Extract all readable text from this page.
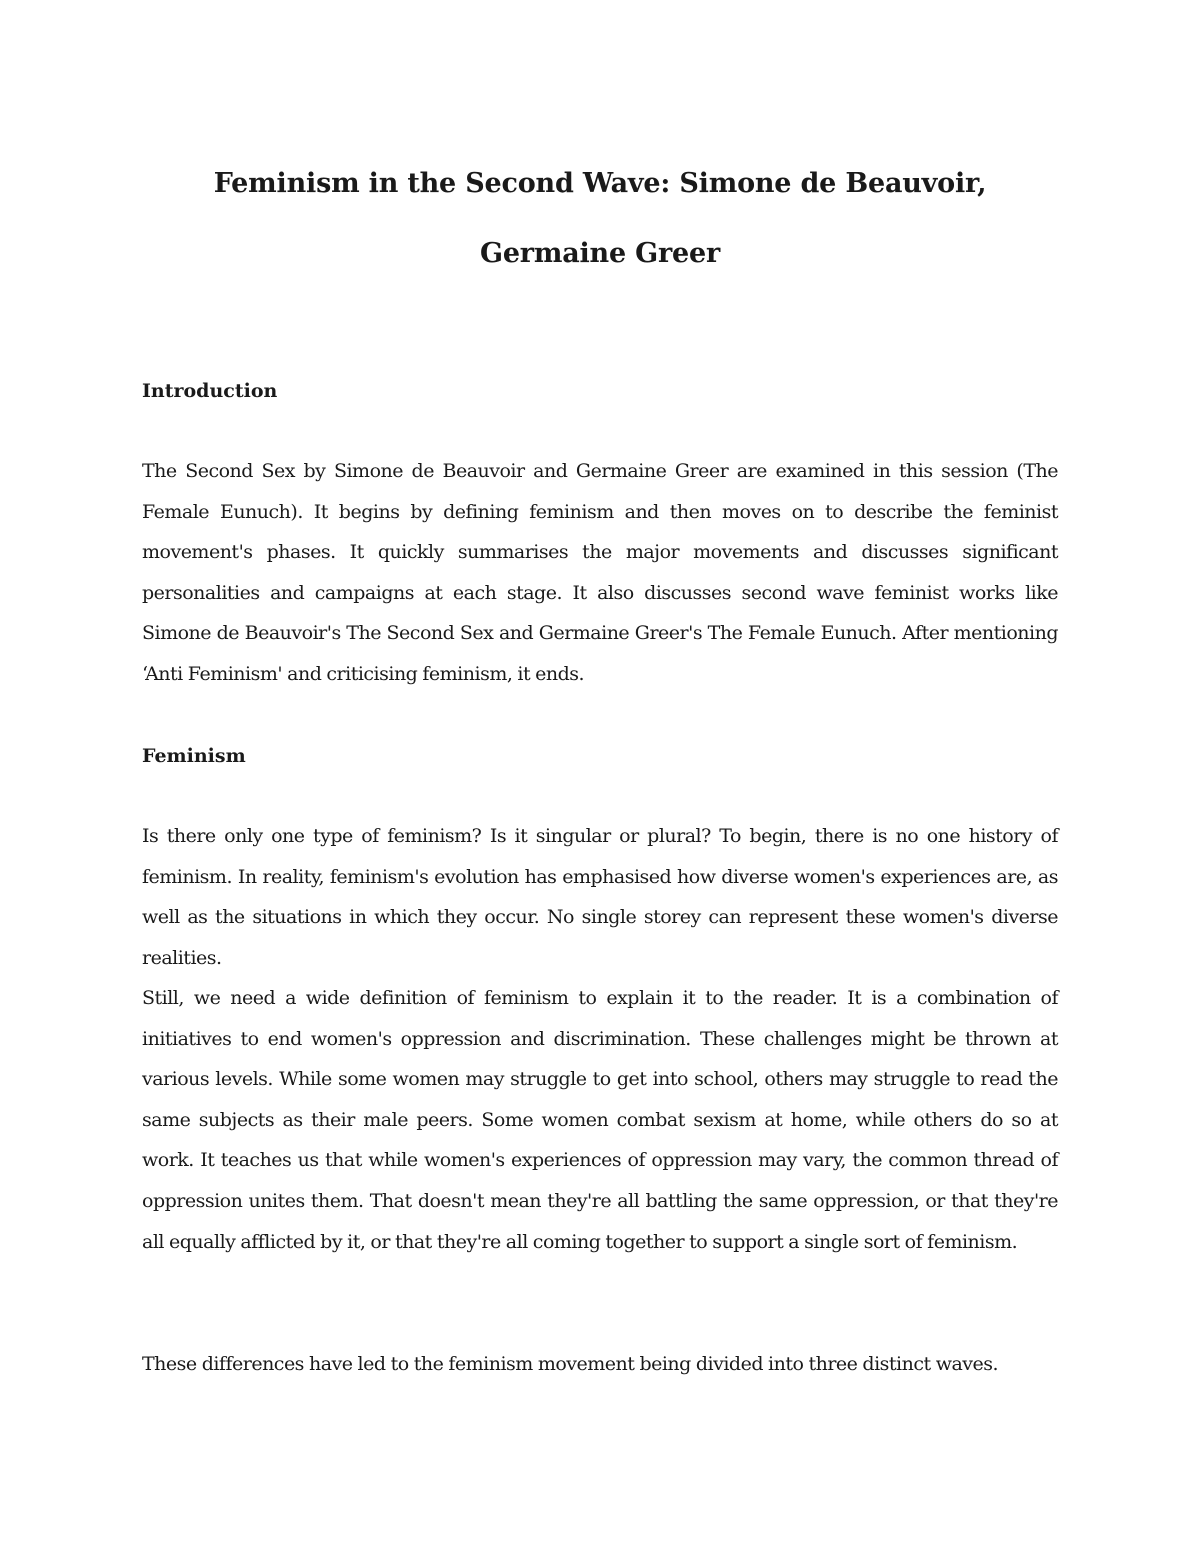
Feminism in the Second Wave: Simone de Beauvoir,
Germaine Greer
Introduction

The Second Sex by Simone de Beauvoir and Germaine Greer are examined in this session (The Female Eunuch). It begins by defining feminism and then moves on to describe the feminist movement's phases. It quickly summarises the major movements and discusses significant personalities and campaigns at each stage. It also discusses second wave feminist works like Simone de Beauvoir's The Second Sex and Germaine Greer's The Female Eunuch. After mentioning ‘Anti Feminism' and criticising feminism, it ends.

Feminism

Is there only one type of feminism? Is it singular or plural? To begin, there is no one history of feminism. In reality, feminism's evolution has emphasised how diverse women's experiences are, as well as the situations in which they occur. No single storey can represent these women's diverse realities.

Still, we need a wide definition of feminism to explain it to the reader. It is a combination of initiatives to end women's oppression and discrimination. These challenges might be thrown at various levels. While some women may struggle to get into school, others may struggle to read the same subjects as their male peers. Some women combat sexism at home, while others do so at work. It teaches us that while women's experiences of oppression may vary, the common thread of oppression unites them. That doesn't mean they're all battling the same oppression, or that they're all equally afflicted by it, or that they're all coming together to support a single sort of feminism.

These differences have led to the feminism movement being divided into three distinct waves.
